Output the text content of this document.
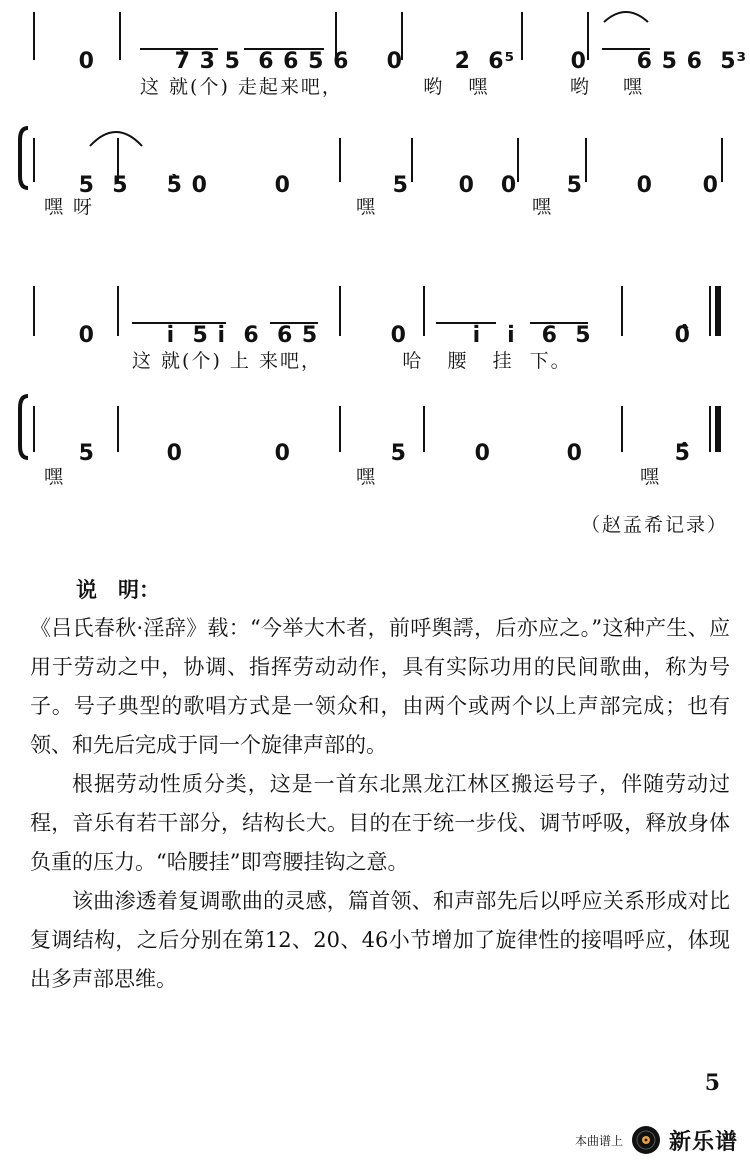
0
	7̀ 3 5  6 6 5 6
	0
	2̇  6⁵
	0
	6 5 6  5³

这 就(个) 走起来吧，          哟   嘿          哟    嘿

5  5
	5̀ 0
	0
	5
	0   0
	5
	0
	0

嘿 呀	嘿	嘿

0
	i̇  5 i̇  6  6 5
	0
	i̇   i̇   6  5
	0̂

这 就(个) 上 来吧，          哈   腰   挂  下。

5
	0
	0
	5
	0
	0
	5̂

嘿	嘿	嘿
（赵孟希记录）
说　明：

《吕氏春秋·淫辞》载：“今举大木者，前呼舆謣，后亦应之。”这种产生、应用于劳动之中，协调、指挥劳动动作，具有实际功用的民间歌曲，称为号子。号子典型的歌唱方式是一领众和，由两个或两个以上声部完成；也有领、和先后完成于同一个旋律声部的。

根据劳动性质分类，这是一首东北黑龙江林区搬运号子，伴随劳动过程，音乐有若干部分，结构长大。目的在于统一步伐、调节呼吸，释放身体负重的压力。“哈腰挂”即弯腰挂钩之意。

该曲渗透着复调歌曲的灵感，篇首领、和声部先后以呼应关系形成对比复调结构，之后分别在第12、20、46小节增加了旋律性的接唱呼应，体现出多声部思维。

5
本曲谱上 新乐谱
